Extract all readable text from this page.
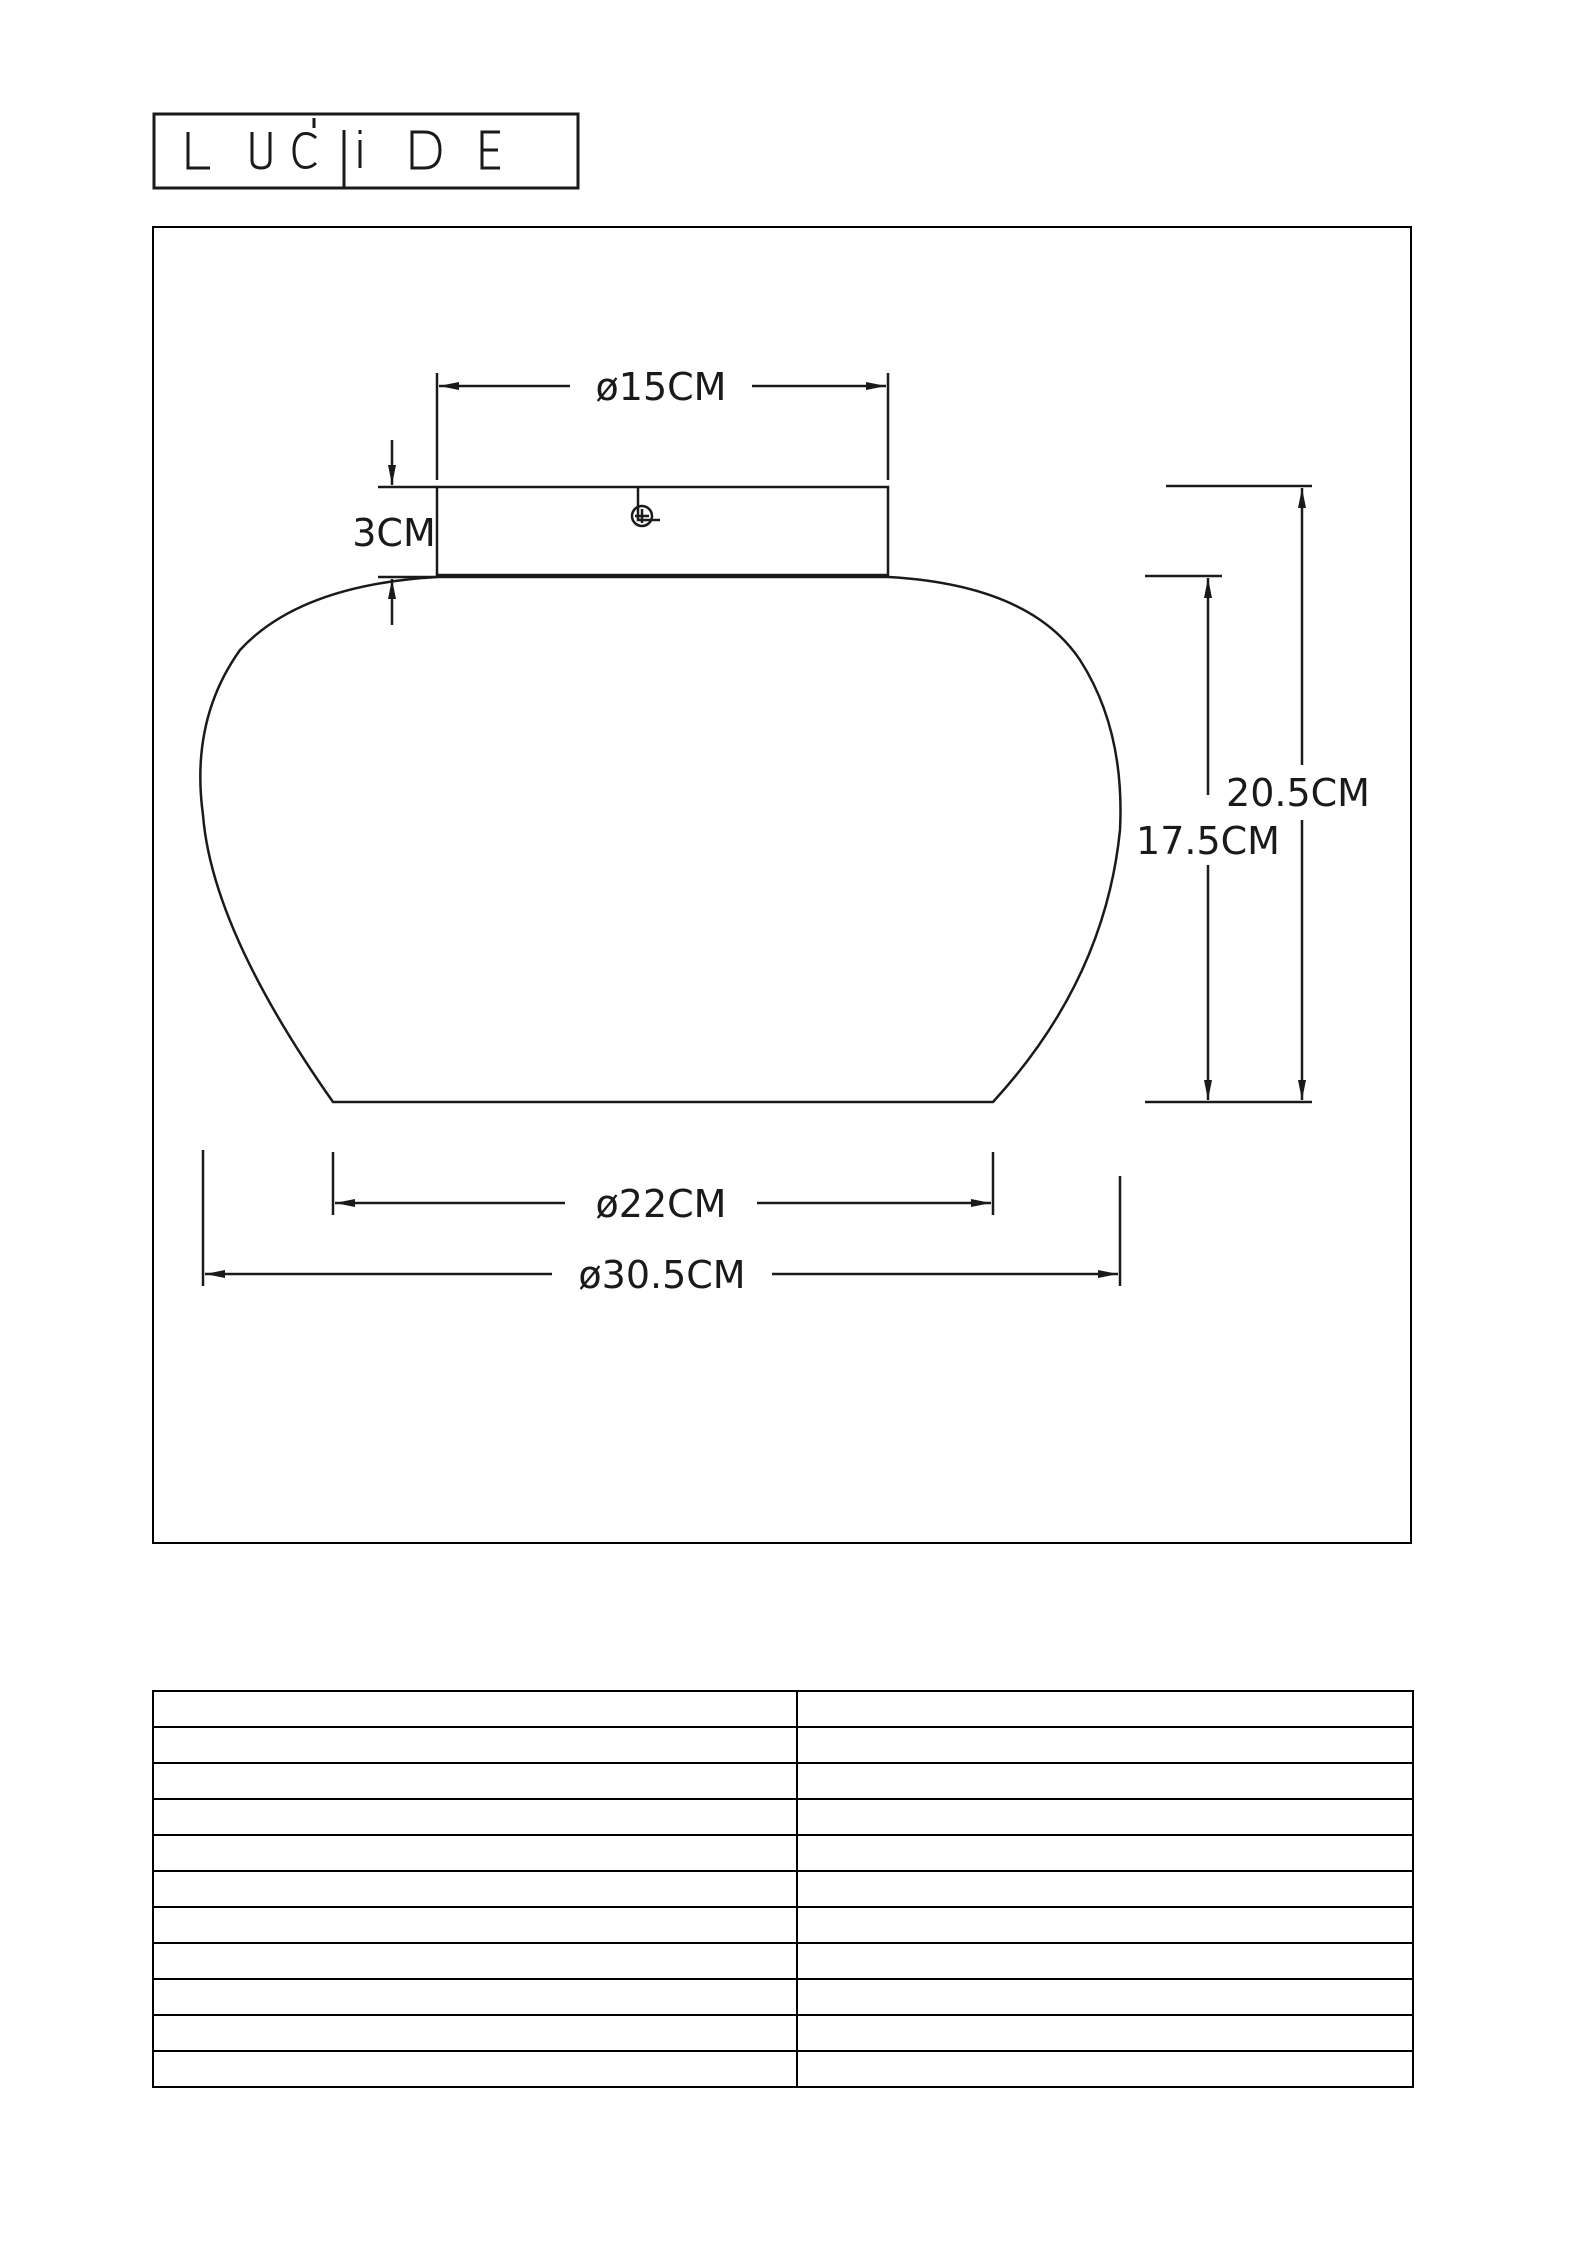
ø15CM
3CM
20.5CM
17.5CM
ø22CM
ø30.5CM
